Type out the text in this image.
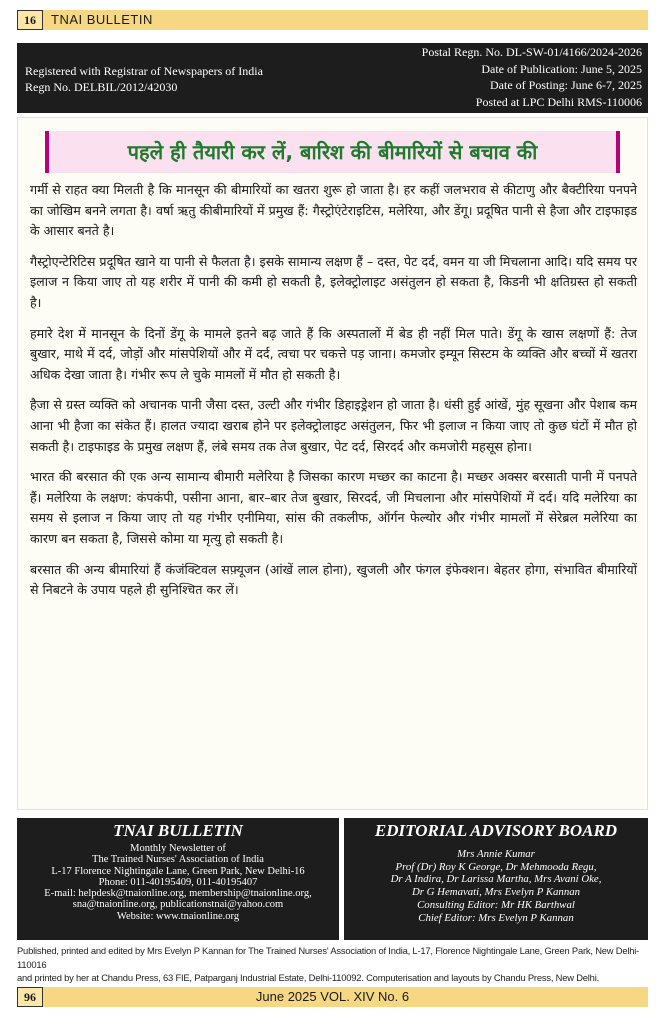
16	TNAI BULLETIN
Registered with Registrar of Newspapers of India
Regn No. DELBIL/2012/42030
Postal Regn. No. DL-SW-01/4166/2024-2026
Date of Publication: June 5, 2025
Date of Posting: June 6-7, 2025
Posted at LPC Delhi RMS-110006
पहले ही तैयारी कर लें, बारिश की बीमारियों से बचाव की

गर्मी से राहत क्या मिलती है कि मानसून की बीमारियों का खतरा शुरू हो जाता है। हर कहीं जलभराव से कीटाणु और बैक्टीरिया पनपने का जोखिम बनने लगता है। वर्षा ऋतु कीबीमारियों में प्रमुख हैं: गैस्ट्रोएंटेराइटिस, मलेरिया, और डेंगू। प्रदूषित पानी से हैजा और टाइफाइड के आसार बनते है।

गैस्ट्रोएन्टेरिटिस प्रदूषित खाने या पानी से फैलता है। इसके सामान्य लक्षण हैं – दस्त, पेट दर्द, वमन या जी मिचलाना आदि। यदि समय पर इलाज न किया जाए तो यह शरीर में पानी की कमी हो सकती है, इलेक्ट्रोलाइट असंतुलन हो सकता है, किडनी भी क्षतिग्रस्त हो सकती है।

हमारे देश में मानसून के दिनों डेंगू के मामले इतने बढ़ जाते हैं कि अस्पतालों में बेड ही नहीं मिल पाते। डेंगू के खास लक्षणों हैं: तेज बुखार, माथे में दर्द, जोड़ों और मांसपेशियों और में दर्द, त्वचा पर चकत्ते पड़ जाना। कमजोर इम्यून सिस्टम के व्यक्ति और बच्चों में खतरा अधिक देखा जाता है। गंभीर रूप ले चुके मामलों में मौत हो सकती है।

हैजा से ग्रस्त व्यक्ति को अचानक पानी जैसा दस्त, उल्टी और गंभीर डिहाइड्रेशन हो जाता है। धंसी हुई आंखें, मुंह सूखना और पेशाब कम आना भी हैजा का संकेत हैं। हालत ज्यादा खराब होने पर इलेक्ट्रोलाइट असंतुलन, फिर भी इलाज न किया जाए तो कुछ घंटों में मौत हो सकती है। टाइफाइड के प्रमुख लक्षण हैं, लंबे समय तक तेज बुखार, पेट दर्द, सिरदर्द और कमजोरी महसूस होना।

भारत की बरसात की एक अन्य सामान्य बीमारी मलेरिया है जिसका कारण मच्छर का काटना है। मच्छर अक्सर बरसाती पानी में पनपते हैं। मलेरिया के लक्षण: कंपकंपी, पसीना आना, बार–बार तेज बुखार, सिरदर्द, जी मिचलाना और मांसपेशियों में दर्द। यदि मलेरिया का समय से इलाज न किया जाए तो यह गंभीर एनीमिया, सांस की तकलीफ, ऑर्गन फेल्योर और गंभीर मामलों में सेरेब्रल मलेरिया का कारण बन सकता है, जिससे कोमा या मृत्यु हो सकती है।

बरसात की अन्य बीमारियां हैं कंजंक्टिवल सफ़्यूजन (आंखें लाल होना), खुजली और फंगल इंफेक्शन। बेहतर होगा, संभावित बीमारियों से निबटने के उपाय पहले ही सुनिश्चित कर लें।

TNAI BULLETIN
Monthly Newsletter of
The Trained Nurses' Association of India
L-17 Florence Nightingale Lane, Green Park, New Delhi-16
Phone: 011-40195409, 011-40195407
E-mail: helpdesk@tnaionline.org, membership@tnaionline.org,
sna@tnaionline.org, publicationstnai@yahoo.com
Website: www.tnaionline.org
EDITORIAL ADVISORY BOARD
Mrs Annie Kumar
Prof (Dr) Roy K George, Dr Mehmooda Regu,
Dr A Indira, Dr Larissa Martha, Mrs Avani Oke,
Dr G Hemavati, Mrs Evelyn P Kannan
Consulting Editor: Mr HK Barthwal
Chief Editor: Mrs Evelyn P Kannan
Published, printed and edited by Mrs Evelyn P Kannan for The Trained Nurses' Association of India, L-17, Florence Nightingale Lane, Green Park, New Delhi-110016
and printed by her at Chandu Press, 63 FIE, Patparganj Industrial Estate, Delhi-110092. Computerisation and layouts by Chandu Press, New Delhi.
June 2025 VOL. XIV No. 6
96
